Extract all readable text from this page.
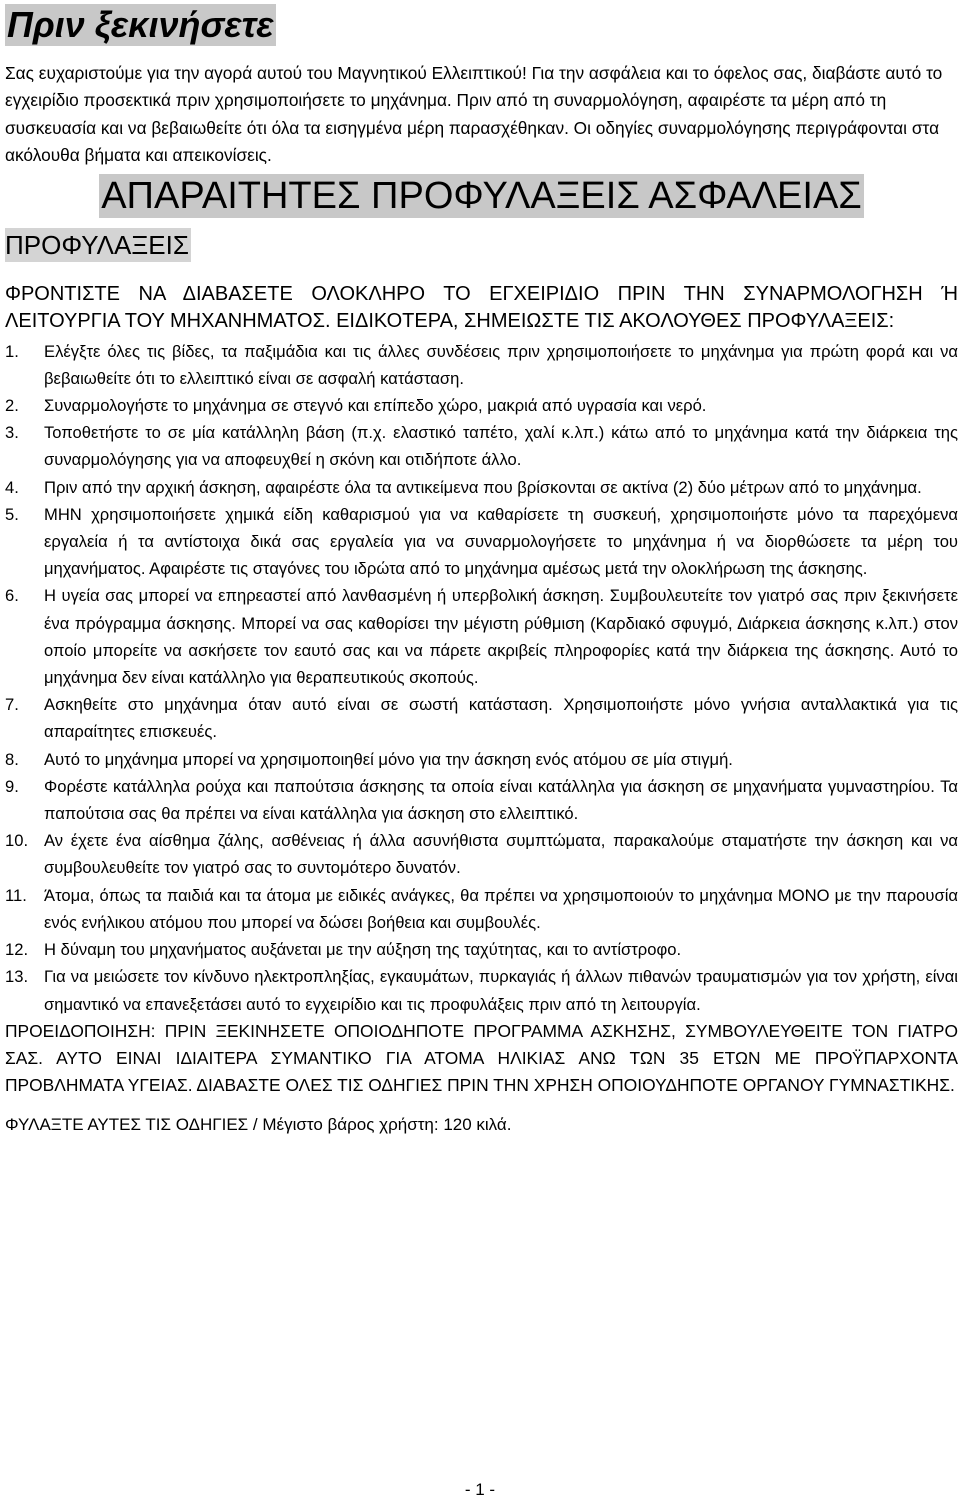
Πριν ξεκινήσετε

Σας ευχαριστούμε για την αγορά αυτού του Μαγνητικού Ελλειπτικού! Για την ασφάλεια και το όφελος σας, διαβάστε αυτό το εγχειρίδιο προσεκτικά πριν χρησιμοποιήσετε το μηχάνημα. Πριν από τη συναρμολόγηση, αφαιρέστε τα μέρη από τη συσκευασία και να βεβαιωθείτε ότι όλα τα εισηγμένα μέρη παρασχέθηκαν. Οι οδηγίες συναρμολόγησης περιγράφονται στα ακόλουθα βήματα και απεικονίσεις.

ΑΠΑΡΑΙΤΗΤΕΣ ΠΡΟΦΥΛΑΞΕΙΣ ΑΣΦΑΛΕΙΑΣ
ΠΡΟΦΥΛΑΞΕΙΣ

ΦΡΟΝΤΙΣΤΕ ΝΑ ΔΙΑΒΑΣΕΤΕ ΟΛΟΚΛΗΡΟ ΤΟ ΕΓΧΕΙΡΙΔΙΟ ΠΡΙΝ ΤΗΝ ΣΥΝΑΡΜΟΛΟΓΗΣΗ Ή ΛΕΙΤΟΥΡΓΙΑ ΤΟΥ ΜΗΧΑΝΗΜΑΤΟΣ. ΕΙΔΙΚΟΤΕΡΑ, ΣΗΜΕΙΩΣΤΕ ΤΙΣ ΑΚΟΛΟΥΘΕΣ ΠΡΟΦΥΛΑΞΕΙΣ:

1. Ελέγξτε όλες τις βίδες, τα παξιμάδια και τις άλλες συνδέσεις πριν χρησιμοποιήσετε το μηχάνημα για πρώτη φορά και να βεβαιωθείτε ότι το ελλειπτικό είναι σε ασφαλή κατάσταση.
2. Συναρμολογήστε το μηχάνημα σε στεγνό και επίπεδο χώρο, μακριά από υγρασία και νερό.
3. Τοποθετήστε το σε μία κατάλληλη βάση (π.χ. ελαστικό ταπέτο, χαλί κ.λπ.) κάτω από το μηχάνημα κατά την διάρκεια της συναρμολόγησης για να αποφευχθεί η σκόνη και οτιδήποτε άλλο.
4. Πριν από την αρχική άσκηση, αφαιρέστε όλα τα αντικείμενα που βρίσκονται σε ακτίνα (2) δύο μέτρων από το μηχάνημα.
5. ΜΗΝ χρησιμοποιήσετε χημικά είδη καθαρισμού για να καθαρίσετε τη συσκευή, χρησιμοποιήστε μόνο τα παρεχόμενα εργαλεία ή τα αντίστοιχα δικά σας εργαλεία για να συναρμολογήσετε το μηχάνημα ή να διορθώσετε τα μέρη του μηχανήματος. Αφαιρέστε τις σταγόνες του ιδρώτα από το μηχάνημα αμέσως μετά την ολοκλήρωση της άσκησης.
6. Η υγεία σας μπορεί να επηρεαστεί από λανθασμένη ή υπερβολική άσκηση. Συμβουλευτείτε τον γιατρό σας πριν ξεκινήσετε ένα πρόγραμμα άσκησης. Μπορεί να σας καθορίσει την μέγιστη ρύθμιση (Καρδιακό σφυγμό, Διάρκεια άσκησης κ.λπ.) στον οποίο μπορείτε να ασκήσετε τον εαυτό σας και να πάρετε ακριβείς πληροφορίες κατά την διάρκεια της άσκησης. Αυτό το μηχάνημα δεν είναι κατάλληλο για θεραπευτικούς σκοπούς.
7. Ασκηθείτε στο μηχάνημα όταν αυτό είναι σε σωστή κατάσταση. Χρησιμοποιήστε μόνο γνήσια ανταλλακτικά για τις απαραίτητες επισκευές.
8. Αυτό το μηχάνημα μπορεί να χρησιμοποιηθεί μόνο για την άσκηση ενός ατόμου σε μία στιγμή.
9. Φορέστε κατάλληλα ρούχα και παπούτσια άσκησης τα οποία είναι κατάλληλα για άσκηση σε μηχανήματα γυμναστηρίου. Τα παπούτσια σας θα πρέπει να είναι κατάλληλα για άσκηση στο ελλειπτικό.
10. Αν έχετε ένα αίσθημα ζάλης, ασθένειας ή άλλα ασυνήθιστα συμπτώματα, παρακαλούμε σταματήστε την άσκηση και να συμβουλευθείτε τον γιατρό σας το συντομότερο δυνατόν.
11. Άτομα, όπως τα παιδιά και τα άτομα με ειδικές ανάγκες, θα πρέπει να χρησιμοποιούν το μηχάνημα ΜΟΝΟ με την παρουσία ενός ενήλικου ατόμου που μπορεί να δώσει βοήθεια και συμβουλές.
12. Η δύναμη του μηχανήματος αυξάνεται με την αύξηση της ταχύτητας, και το αντίστροφο.
13. Για να μειώσετε τον κίνδυνο ηλεκτροπληξίας, εγκαυμάτων, πυρκαγιάς ή άλλων πιθανών τραυματισμών για τον χρήστη, είναι σημαντικό να επανεξετάσει αυτό το εγχειρίδιο και τις προφυλάξεις πριν από τη λειτουργία.

ΠΡΟΕΙΔΟΠΟΙΗΣΗ: ΠΡΙΝ ΞΕΚΙΝΗΣΕΤΕ ΟΠΟΙΟΔΗΠΟΤΕ ΠΡΟΓΡΑΜΜΑ ΑΣΚΗΣΗΣ, ΣΥΜΒΟΥΛΕΥΘΕΙΤΕ ΤΟΝ ΓΙΑΤΡΟ ΣΑΣ. ΑΥΤΟ ΕΙΝΑΙ ΙΔΙΑΙΤΕΡΑ ΣΥΜΑΝΤΙΚΟ ΓΙΑ ΑΤΟΜΑ ΗΛΙΚΙΑΣ ΑΝΩ ΤΩΝ 35 ΕΤΩΝ ΜΕ ΠΡΟΫΠΑΡΧΟΝΤΑ ΠΡΟΒΛΗΜΑΤΑ ΥΓΕΙΑΣ. ΔΙΑΒΑΣΤΕ ΟΛΕΣ ΤΙΣ ΟΔΗΓΙΕΣ ΠΡΙΝ ΤΗΝ ΧΡΗΣΗ ΟΠΟΙΟΥΔΗΠΟΤΕ ΟΡΓΑΝΟΥ ΓΥΜΝΑΣΤΙΚΗΣ.

ΦΥΛΑΞΤΕ ΑΥΤΕΣ ΤΙΣ ΟΔΗΓΙΕΣ / Μέγιστο βάρος χρήστη: 120 κιλά.

- 1 -
